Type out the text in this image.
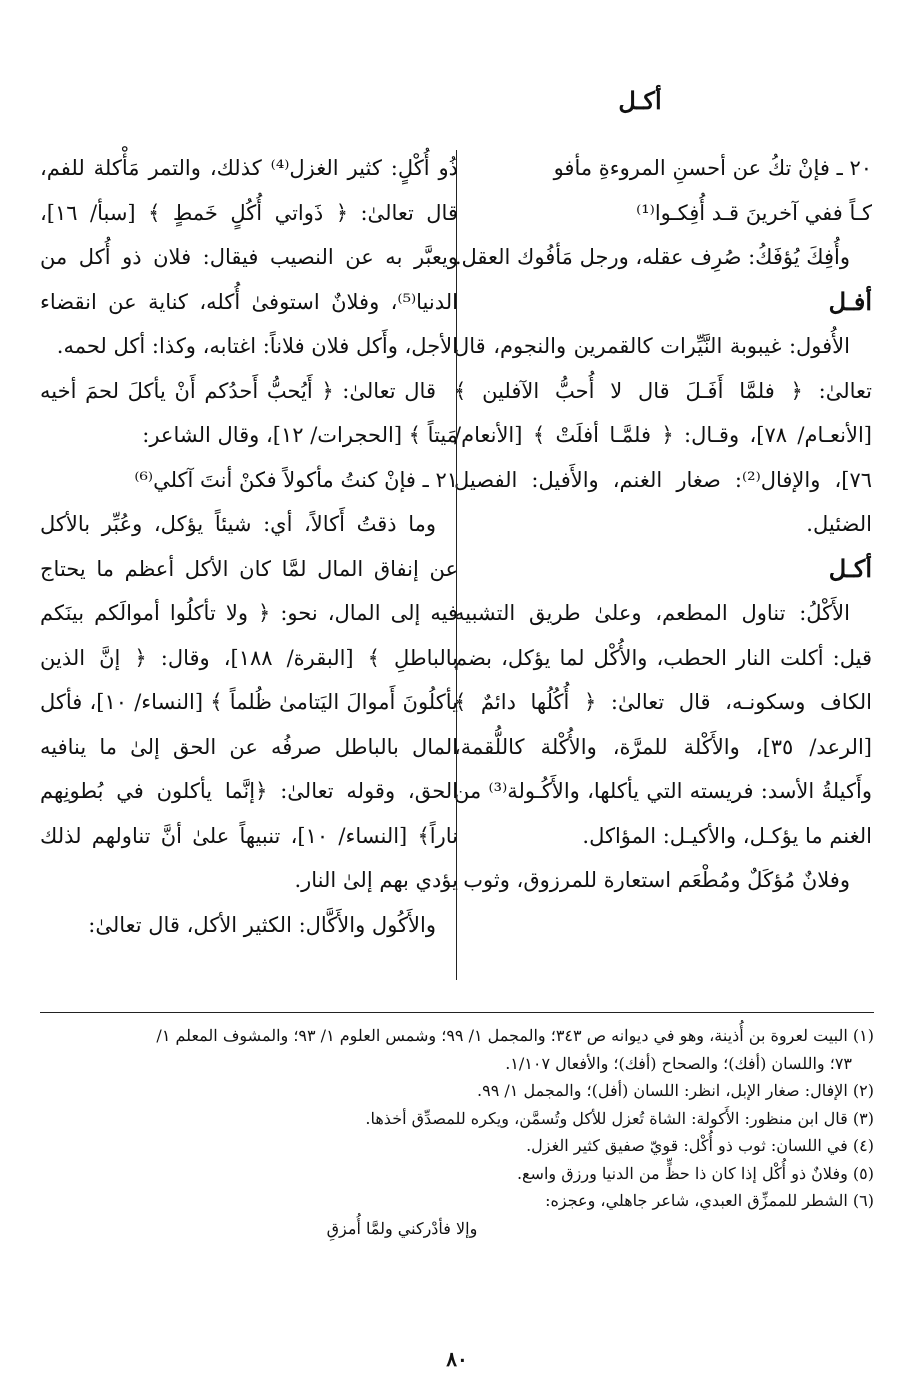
أكـل

٢٠ ـ فإنْ تكُ عن أحسنِ المروءةِ مأفو

كـاً ففي آخرينَ قـد أُفِكـوا⁽¹⁾

وأُفِكَ يُؤفَكُ: صُرِف عقله، ورجل مَأفُوك العقل.

أفـل

الأُفول: غيبوبة النَّيِّرات كالقمرين والنجوم، قال تعالىٰ: ﴿ فلمَّا أَفَـلَ قال لا أُحبُّ الآفلين ﴾ [الأنعـام/ ٧٨]، وقـال: ﴿ فلمَّـا أفلَتْ ﴾ [الأنعام/ ٧٦]، والإفال⁽²⁾: صغار الغنم، والأَفيل: الفصيل الضئيل.

أكـل

الأَكْلُ: تناول المطعم، وعلىٰ طريق التشبيه قيل: أكلت النار الحطب، والأُكْل لما يؤكل، بضم الكاف وسكونـه، قال تعالىٰ: ﴿ أُكُلُها دائمٌ ﴾ [الرعد/ ٣٥]، والأَكْلة للمرَّة، والأُكْلة كاللُّقمة، وأَكيلةُ الأسد: فريسته التي يأكلها، والأَكُـولة⁽³⁾ من الغنم ما يؤكـل، والأكيـل: المؤاكل.

وفلانٌ مُؤكَلٌ ومُطْعَم استعارة للمرزوق، وثوب

ذُو أُكْلٍ: كثير الغزل⁽⁴⁾ كذلك، والتمر مَأْكلة للفم، قال تعالىٰ: ﴿ ذَواتي أُكُلٍ خَمطٍ ﴾ [سبأ/ ١٦]، ويعبَّر به عن النصيب فيقال: فلان ذو أُكل من الدنيا⁽⁵⁾، وفلانٌ استوفىٰ أُكله، كناية عن انقضاء الأجل، وأَكل فلان فلاناً: اغتابه، وكذا: أكل لحمه.

قال تعالىٰ: ﴿ أَيُحبُّ أَحدُكم أَنْ يأكلَ لحمَ أخيه مَيتاً ﴾ [الحجرات/ ١٢]، وقال الشاعر:

٢١ ـ فإنْ كنتُ مأكولاً فكنْ أنتَ آكلي⁽⁶⁾

وما ذقتُ أَكالاً، أي: شيئاً يؤكل، وعُبِّر بالأكل عن إنفاق المال لمَّا كان الأكل أعظم ما يحتاج فيه إلى المال، نحو: ﴿ ولا تأكلُوا أموالَكم بينَكم بالباطلِ ﴾ [البقرة/ ١٨٨]، وقال: ﴿ إنَّ الذين يأكلُونَ أَموالَ اليَتامىٰ ظُلماً ﴾ [النساء/ ١٠]، فأكل المال بالباطل صرفُه عن الحق إلىٰ ما ينافيه الحق، وقوله تعالىٰ: ﴿إنَّما يأكلون في بُطونِهم ناراً﴾ [النساء/ ١٠]، تنبيهاً علىٰ أنَّ تناولهم لذلك يؤدي بهم إلىٰ النار.

والأَكُول والأَكَّال: الكثير الأكل، قال تعالىٰ:

(١) البيت لعروة بن أُذينة، وهو في ديوانه ص ٣٤٣؛ والمجمل ١/ ٩٩؛ وشمس العلوم ١/ ٩٣؛ والمشوف المعلم ١/

٧٣؛ واللسان (أفك)؛ والصحاح (أفك)؛ والأفعال ١/١٠٧.

(٢) الإفال: صغار الإبل، انظر: اللسان (أفل)؛ والمجمل ١/ ٩٩.

(٣) قال ابن منظور: الأَكولة: الشاة تُعزل للأكل وتُسمَّن، ويكره للمصدِّق أخذها.

(٤) في اللسان: ثوب ذو أُكْل: قويّ صفيق كثير الغزل.

(٥) وفلانٌ ذو أُكْل إذا كان ذا حظٍّ من الدنيا ورزق واسع.

(٦) الشطر للممزِّق العبدي، شاعر جاهلي، وعجزه:

وإلا فأدْركني ولمَّا أُمزقِ

٨٠
